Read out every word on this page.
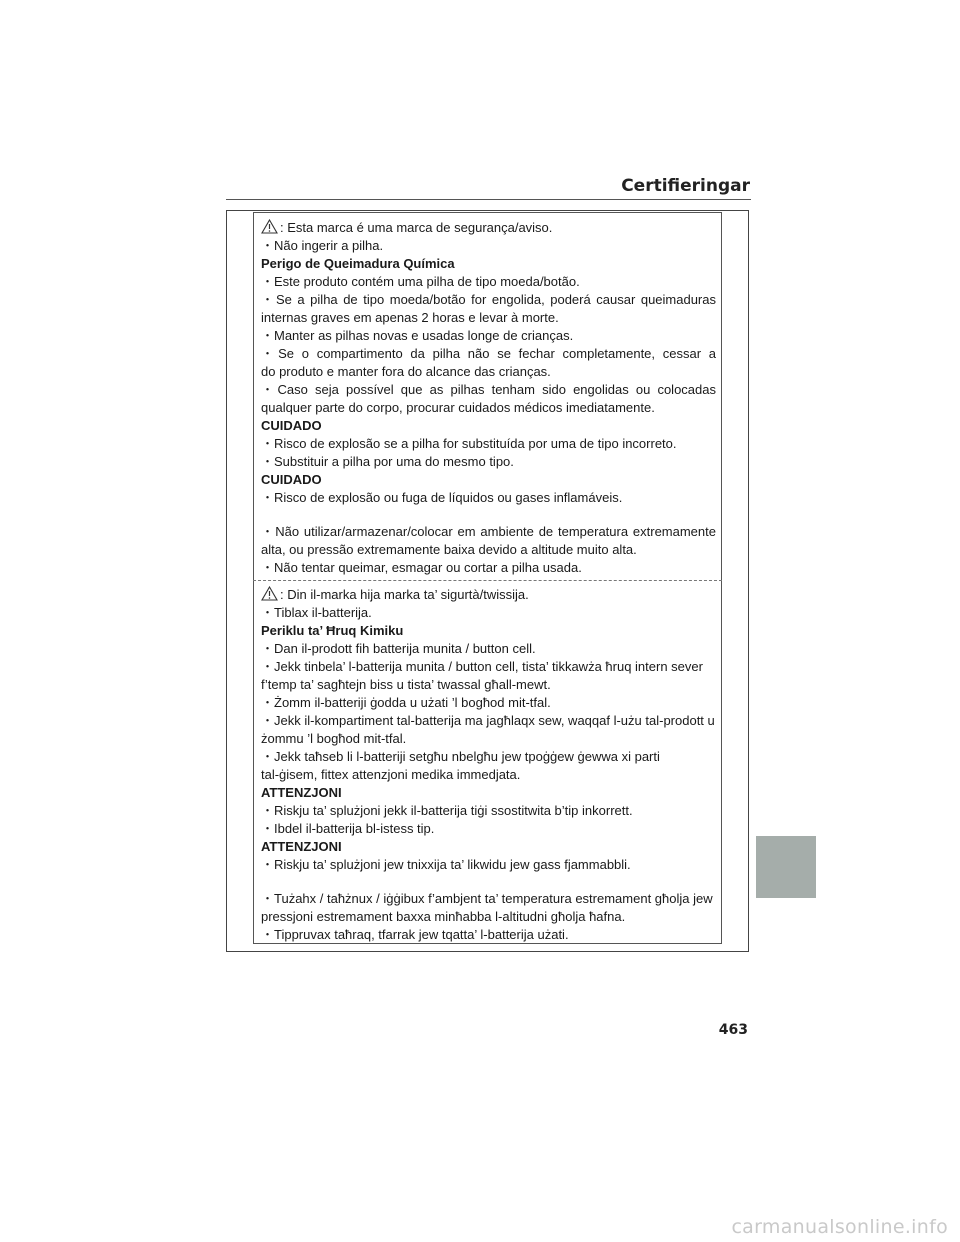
Certifieringar
: Esta marca é uma marca de segurança/aviso.
・Não ingerir a pilha.
Perigo de Queimadura Química
・Este produto contém uma pilha de tipo moeda/botão.
・Se a pilha de tipo moeda/botão for engolida, poderá causar queimaduras
internas graves em apenas 2 horas e levar à morte.
・Manter as pilhas novas e usadas longe de crianças.
・Se o compartimento da pilha não se fechar completamente, cessar a
do produto e manter fora do alcance das crianças.
・Caso seja possível que as pilhas tenham sido engolidas ou colocadas
qualquer parte do corpo, procurar cuidados médicos imediatamente.
CUIDADO
・Risco de explosão se a pilha for substituída por uma de tipo incorreto.
・Substituir a pilha por uma do mesmo tipo.
CUIDADO
・Risco de explosão ou fuga de líquidos ou gases inflamáveis.
・Não utilizar/armazenar/colocar em ambiente de temperatura extremamente
alta, ou pressão extremamente baixa devido a altitude muito alta.
・Não tentar queimar, esmagar ou cortar a pilha usada.
: Din il-marka hija marka ta’ sigurtà/twissija.
・Tiblax il-batterija.
Periklu ta’ Ħruq Kimiku
・Dan il-prodott fih batterija munita / button cell.
・Jekk tinbela’ l-batterija munita / button cell, tista’ tikkawża ħruq intern sever
f’temp ta’ sagħtejn biss u tista’ twassal għall-mewt.
・Żomm il-batteriji ġodda u użati ’l bogħod mit-tfal.
・Jekk il-kompartiment tal-batterija ma jagħlaqx sew, waqqaf l-użu tal-prodott u
żommu ’l bogħod mit-tfal.
・Jekk taħseb li l-batteriji setgħu nbelgħu jew tpoġġew ġewwa xi parti
tal-ġisem, fittex attenzjoni medika immedjata.
ATTENZJONI
・Riskju ta’ splużjoni jekk il-batterija tiġi ssostitwita b’tip inkorrett.
・Ibdel il-batterija bl-istess tip.
ATTENZJONI
・Riskju ta’ splużjoni jew tnixxija ta’ likwidu jew gass fjammabbli.
・Tużahx / taħżnux / iġġibux f’ambjent ta’ temperatura estremament għolja jew
pressjoni estremament baxxa minħabba l-altitudni għolja ħafna.
・Tippruvax taħraq, tfarrak jew tqatta’ l-batterija użati.
463
carmanualsonline.info
